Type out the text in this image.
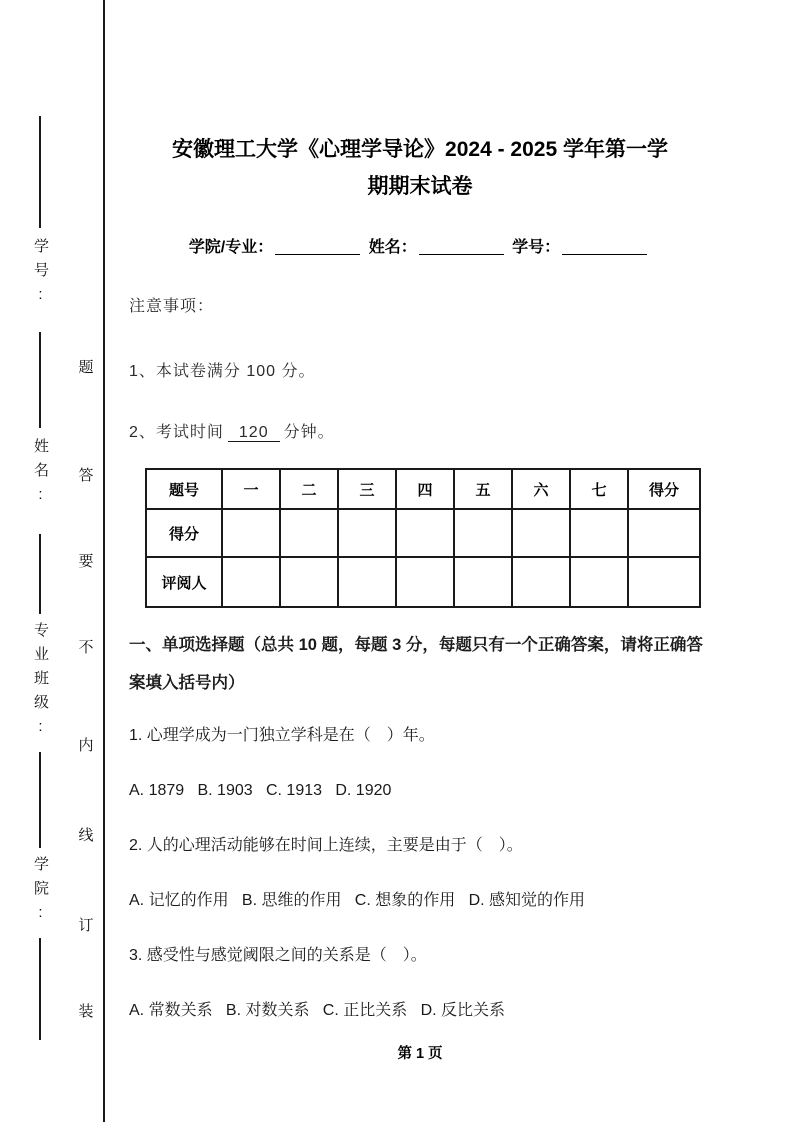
学号:
姓名:
专业班级:
学院:
题
答
要
不
内
线
订
装
安徽理工大学《心理学导论》2024 - 2025 学年第一学
期期末试卷
学院/专业：	姓名：	学号：
注意事项：
1、本试卷满分 100 分。
2、考试时间 120 分钟。
题号	一	二	三	四	五	六	七	得分
得分								
评阅人								
一、单项选择题（总共 10 题，每题 3 分，每题只有一个正确答案，请将正确答案填入括号内）
1. 心理学成为一门独立学科是在（　）年。
A. 1879   B. 1903   C. 1913   D. 1920
2. 人的心理活动能够在时间上连续，主要是由于（　）。
A. 记忆的作用   B. 思维的作用   C. 想象的作用   D. 感知觉的作用
3. 感受性与感觉阈限之间的关系是（　）。
A. 常数关系   B. 对数关系   C. 正比关系   D. 反比关系
第 1 页
